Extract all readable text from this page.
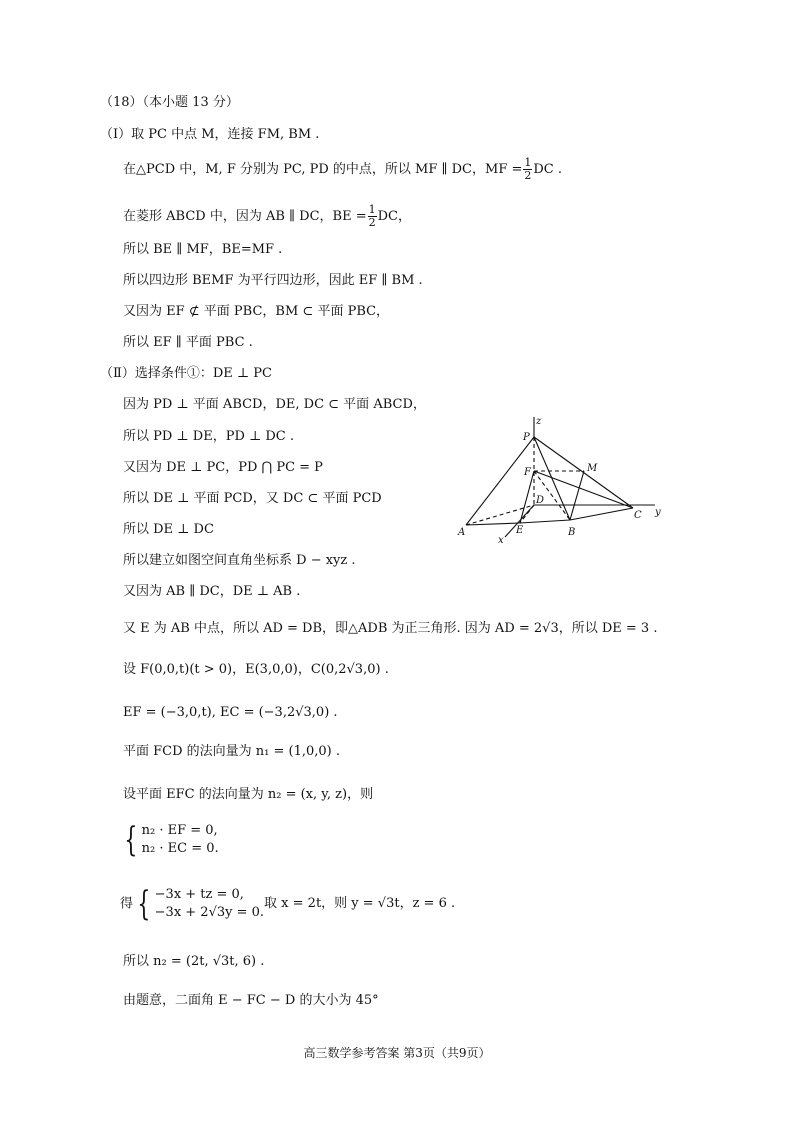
（18）（本小题 13 分）
（Ⅰ）取 PC 中点 M，连接 FM, BM .
在△PCD 中，M, F 分别为 PC, PD 的中点，所以 MF ∥ DC，MF = $\frac{1}{2}$ DC .
在菱形 ABCD 中，因为 AB ∥ DC，BE = $\frac{1}{2}$ DC，
所以 BE ∥ MF，BE=MF .
所以四边形 BEMF 为平行四边形，因此 EF ∥ BM .
又因为 EF ⊄ 平面 PBC，BM ⊂ 平面 PBC，
所以 EF ∥ 平面 PBC .
（Ⅱ）选择条件①：DE ⊥ PC
因为 PD ⊥ 平面 ABCD，DE, DC ⊂ 平面 ABCD，
所以 PD ⊥ DE，PD ⊥ DC .
又因为 DE ⊥ PC，PD ⋂ PC = P
所以 DE ⊥ 平面 PCD，又 DC ⊂ 平面 PCD
所以 DE ⊥ DC
所以建立如图空间直角坐标系 D − xyz .
又因为 AB ∥ DC，DE ⊥ AB .
又 E 为 AB 中点，所以 AD = DB，即△ADB 为正三角形. 因为 AD = 2√3，所以 DE = 3 .
设 F(0,0,t)(t > 0)，E(3,0,0)，C(0,2√3,0) .
EF = (−3,0,t), EC = (−3,2√3,0) .
平面 FCD 的法向量为 n₁ = (1,0,0) .
设平面 EFC 的法向量为 n₂ = (x, y, z)，则
{ n₂ · EF = 0,
n₂ · EC = 0.
得 { −3x + tz = 0,
−3x + 2√3y = 0.
取 x = 2t，则 y = √3t，z = 6 .
所以 n₂ = (2t, √3t, 6) .
由题意，二面角 E − FC − D 的大小为 45°
z
P
F	M
D
C y
A	E	B
x
高三数学参考答案 第3页（共9页）
